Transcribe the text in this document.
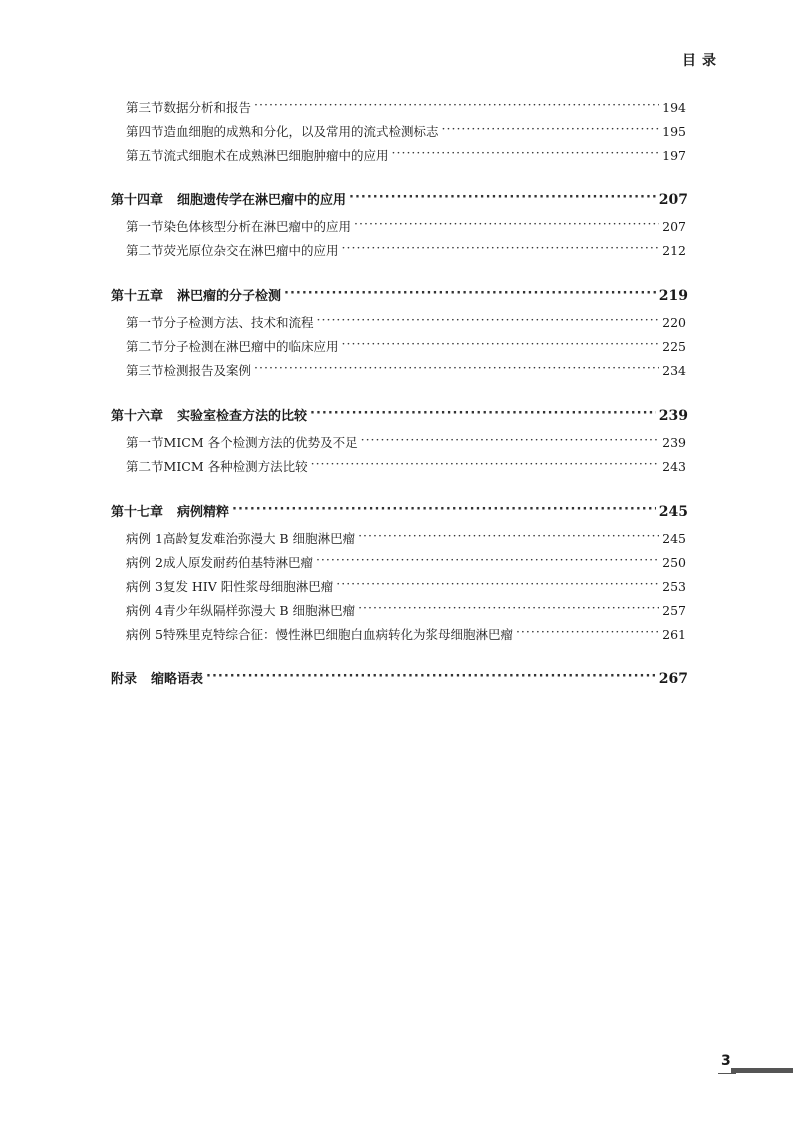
目录
第三节 数据分析和报告 ·····	194
第四节 造血细胞的成熟和分化，以及常用的流式检测标志 ·····	195
第五节 流式细胞术在成熟淋巴细胞肿瘤中的应用 ·····	197
第十四章 细胞遗传学在淋巴瘤中的应用 ·····	207
第一节 染色体核型分析在淋巴瘤中的应用 ·····	207
第二节 荧光原位杂交在淋巴瘤中的应用 ·····	212
第十五章 淋巴瘤的分子检测 ·····	219
第一节 分子检测方法、技术和流程 ·····	220
第二节 分子检测在淋巴瘤中的临床应用 ·····	225
第三节 检测报告及案例 ·····	234
第十六章 实验室检查方法的比较 ·····	239
第一节 MICM 各个检测方法的优势及不足 ·····	239
第二节 MICM 各种检测方法比较 ·····	243
第十七章 病例精粹 ·····	245
病例 1 高龄复发难治弥漫大 B 细胞淋巴瘤 ·····	245
病例 2 成人原发耐药伯基特淋巴瘤 ·····	250
病例 3 复发 HIV 阳性浆母细胞淋巴瘤 ·····	253
病例 4 青少年纵隔样弥漫大 B 细胞淋巴瘤 ·····	257
病例 5 特殊里克特综合征：慢性淋巴细胞白血病转化为浆母细胞淋巴瘤 ·····	261
附录 缩略语表 ·····	267
3
